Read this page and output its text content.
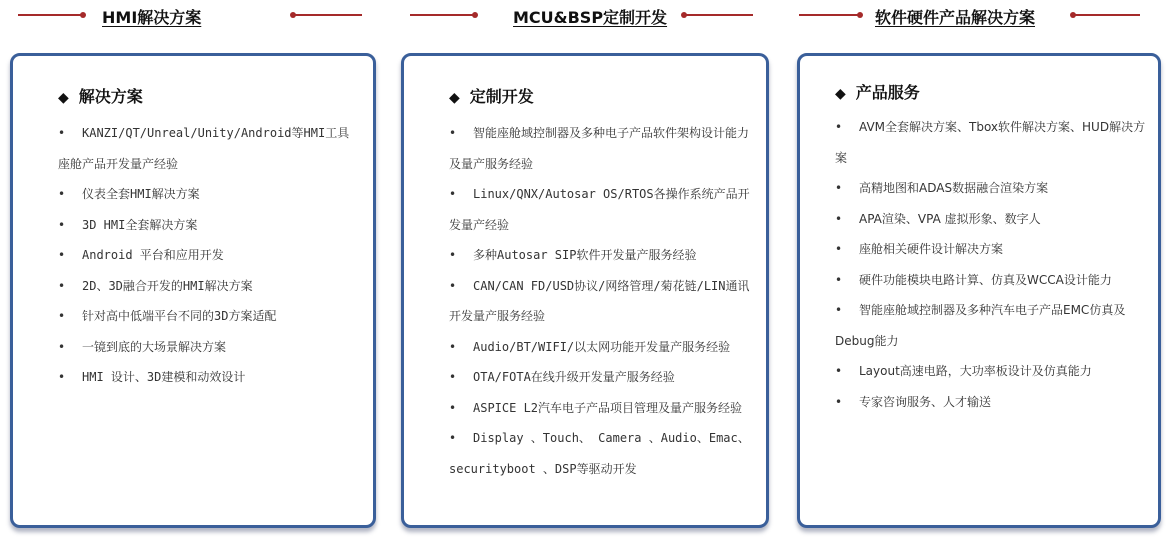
HMI解决方案
◆ 解决方案
• KANZI/QT/Unreal/Unity/Android等HMI工具座舱产品开发量产经验
• 仪表全套HMI解决方案
• 3D HMI全套解决方案
• Android 平台和应用开发
• 2D、3D融合开发的HMI解决方案
• 针对高中低端平台不同的3D方案适配
• 一镜到底的大场景解决方案
• HMI 设计、3D建模和动效设计
MCU&BSP定制开发
◆ 定制开发
• 智能座舱域控制器及多种电子产品软件架构设计能力及量产服务经验
• Linux/QNX/Autosar OS/RTOS各操作系统产品开发量产经验
• 多种Autosar SIP软件开发量产服务经验
• CAN/CAN FD/USD协议/网络管理/菊花链/LIN通讯开发量产服务经验
• Audio/BT/WIFI/以太网功能开发量产服务经验
• OTA/FOTA在线升级开发量产服务经验
• ASPICE L2汽车电子产品项目管理及量产服务经验
• Display 、Touch、 Camera 、Audio、Emac、securityboot 、DSP等驱动开发
软件硬件产品解决方案
◆ 产品服务
• AVM全套解决方案、Tbox软件解决方案、HUD解决方案
• 高精地图和ADAS数据融合渲染方案
• APA渲染、VPA 虚拟形象、数字人
• 座舱相关硬件设计解决方案
• 硬件功能模块电路计算、仿真及WCCA设计能力
• 智能座舱域控制器及多种汽车电子产品EMC仿真及Debug能力
• Layout高速电路，大功率板设计及仿真能力
• 专家咨询服务、人才输送
